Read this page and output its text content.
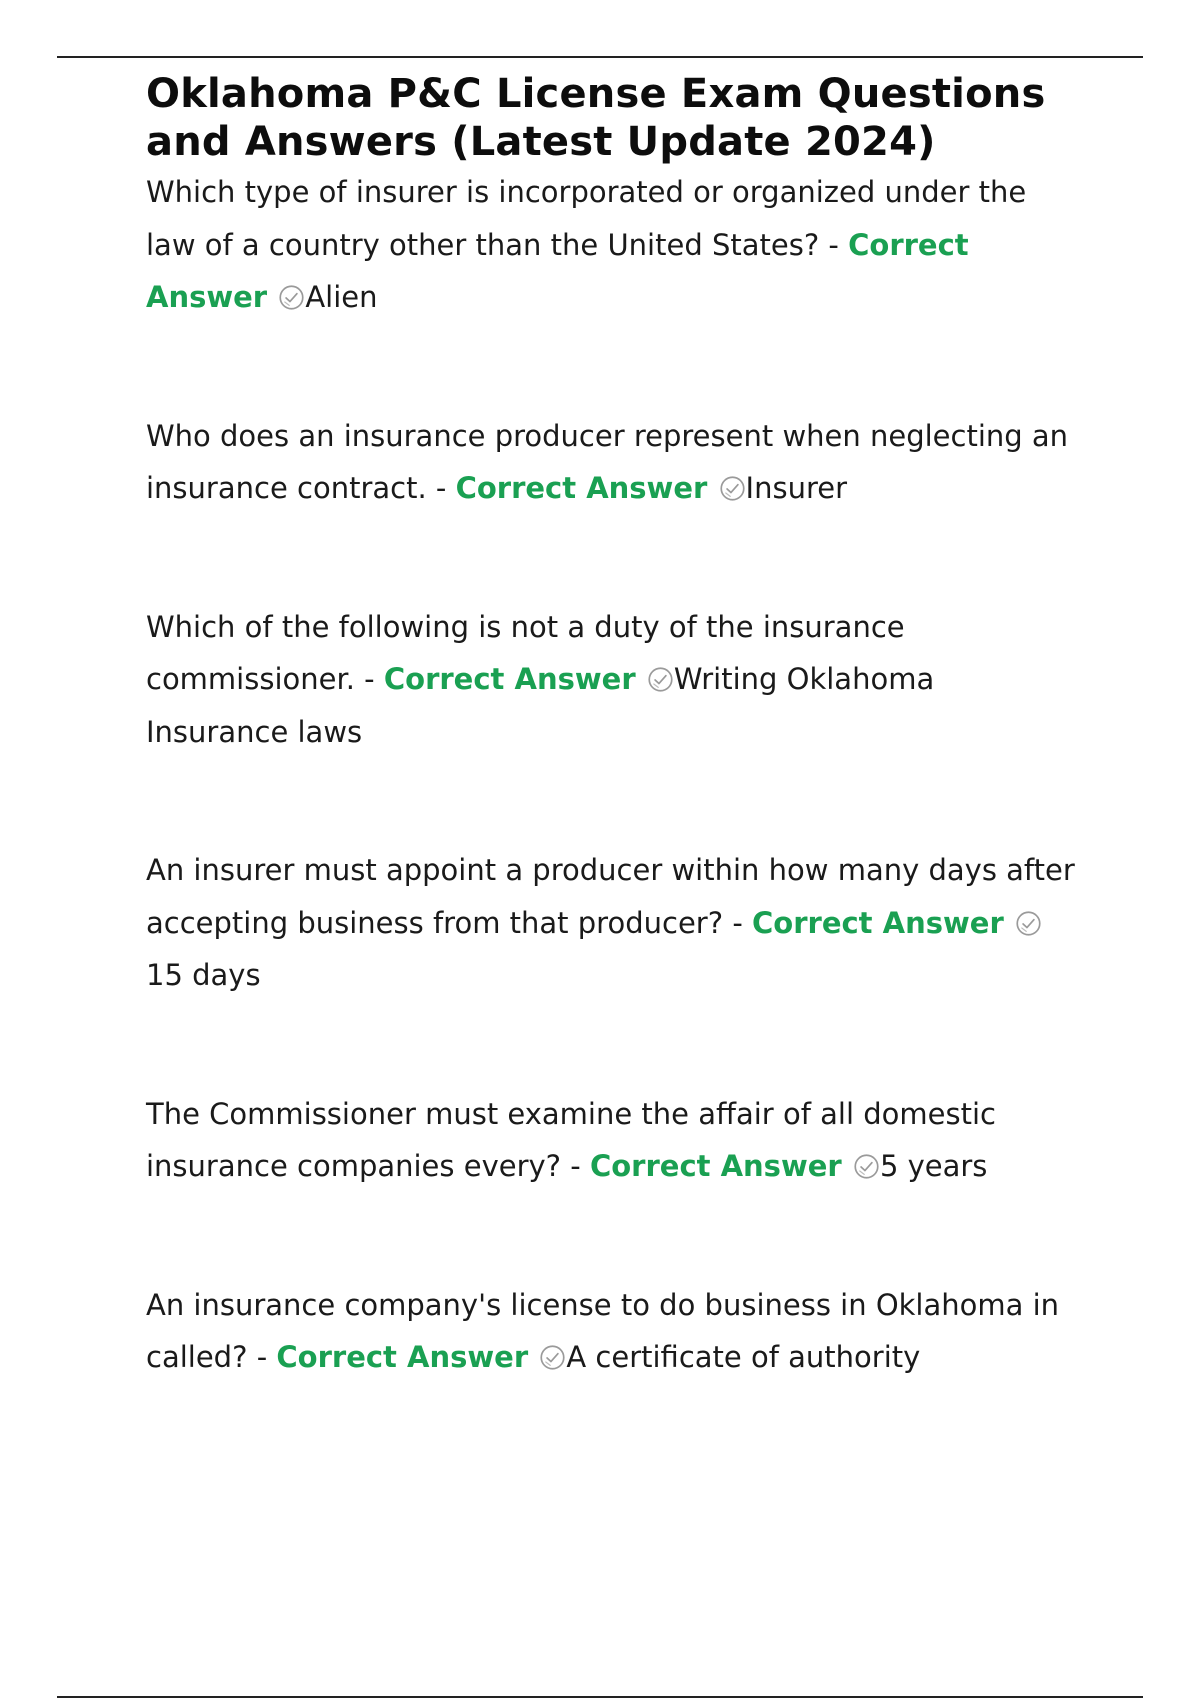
Oklahoma P&C License Exam Questions and Answers (Latest Update 2024)

Which type of insurer is incorporated or organized under the law of a country other than the United States? - Correct Answer Alien

Who does an insurance producer represent when neglecting an insurance contract. - Correct Answer Insurer

Which of the following is not a duty of the insurance commissioner. - Correct Answer Writing Oklahoma Insurance laws

An insurer must appoint a producer within how many days after accepting business from that producer? - Correct Answer
15 days

The Commissioner must examine the affair of all domestic insurance companies every? - Correct Answer 5 years

An insurance company's license to do business in Oklahoma in called? - Correct Answer A certificate of authority
